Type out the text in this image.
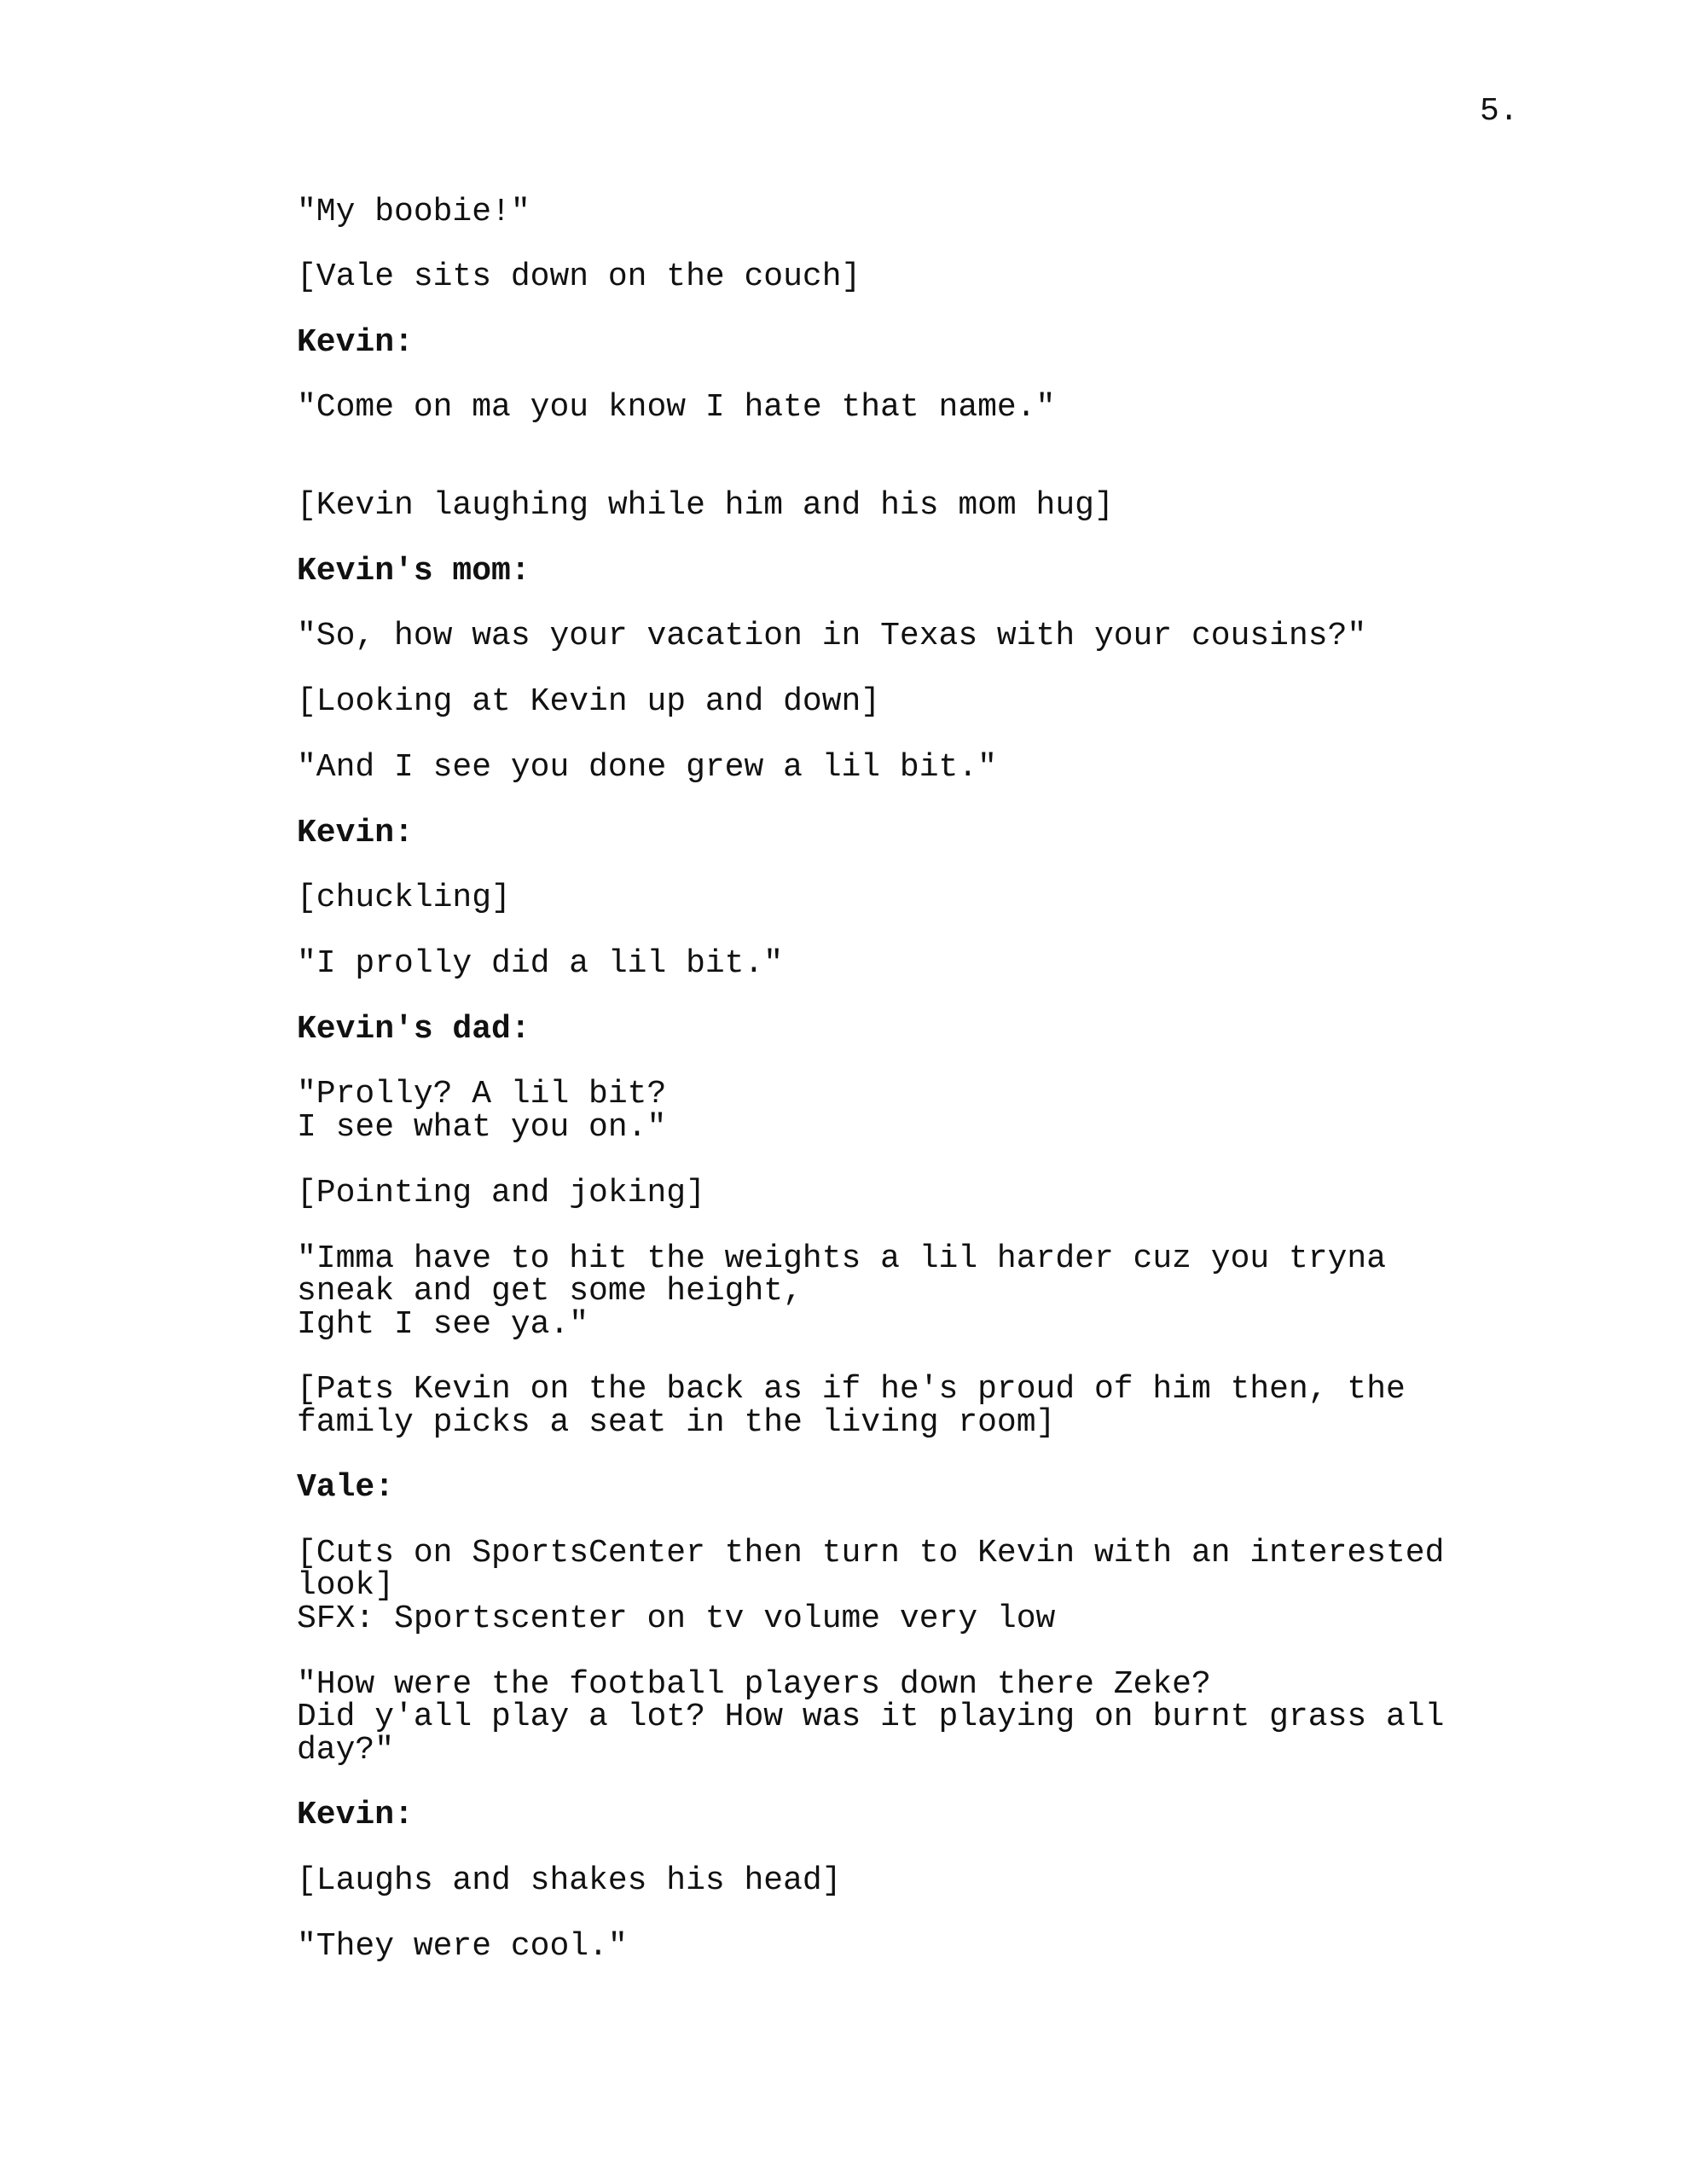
5.
"My boobie!"
[Vale sits down on the couch]
Kevin:
"Come on ma you know I hate that name."
[Kevin laughing while him and his mom hug]
Kevin's mom:
"So, how was your vacation in Texas with your cousins?"
[Looking at Kevin up and down]
"And I see you done grew a lil bit."
Kevin:
[chuckling]
"I prolly did a lil bit."
Kevin's dad:
"Prolly? A lil bit?
I see what you on."
[Pointing and joking]
"Imma have to hit the weights a lil harder cuz you tryna
sneak and get some height,
Ight I see ya."
[Pats Kevin on the back as if he's proud of him then, the
family picks a seat in the living room]
Vale:
[Cuts on SportsCenter then turn to Kevin with an interested
look]
SFX: Sportscenter on tv volume very low
"How were the football players down there Zeke?
Did y'all play a lot? How was it playing on burnt grass all
day?"
Kevin:
[Laughs and shakes his head]
"They were cool."
